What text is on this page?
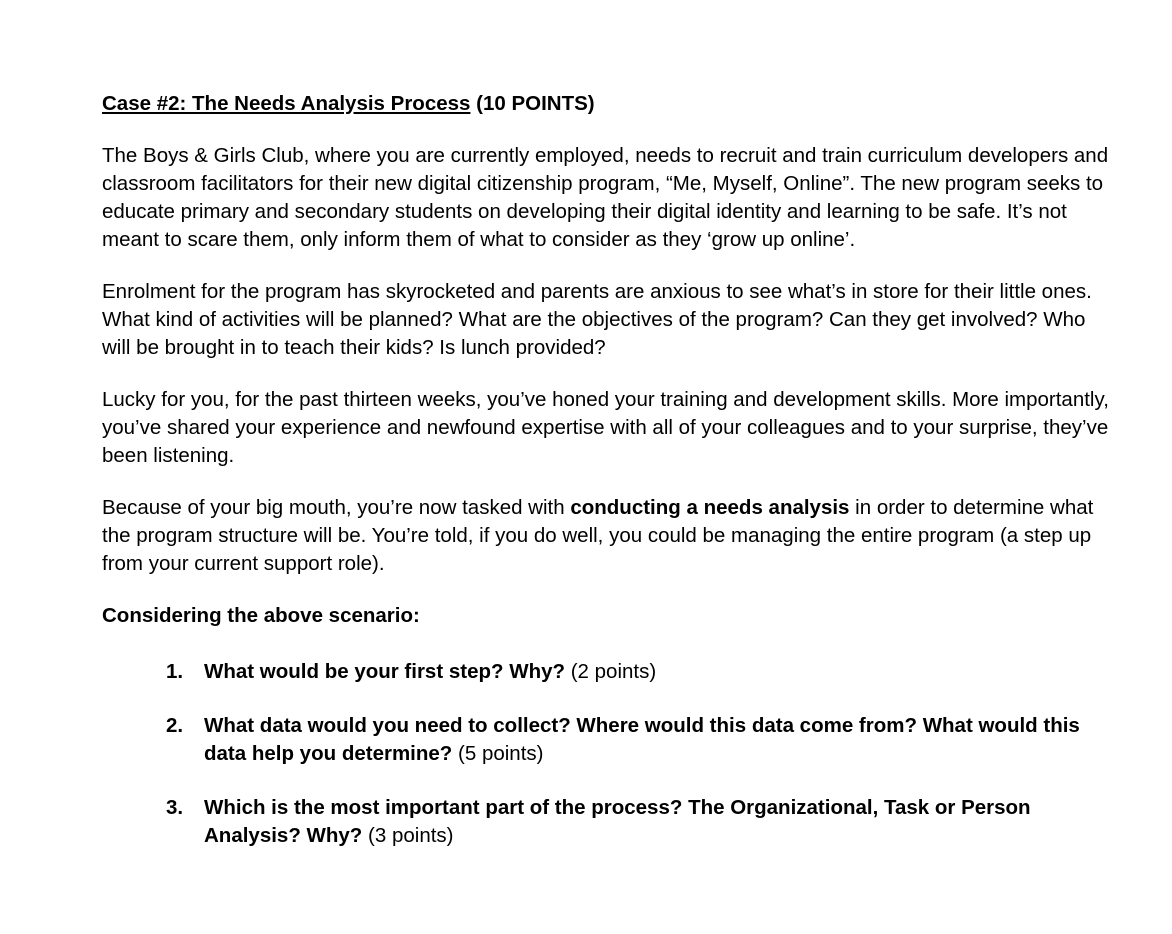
Case #2: The Needs Analysis Process (10 POINTS)

The Boys & Girls Club, where you are currently employed, needs to recruit and train curriculum developers and classroom facilitators for their new digital citizenship program, “Me, Myself, Online”. The new program seeks to educate primary and secondary students on developing their digital identity and learning to be safe. It’s not meant to scare them, only inform them of what to consider as they ‘grow up online’.

Enrolment for the program has skyrocketed and parents are anxious to see what’s in store for their little ones. What kind of activities will be planned? What are the objectives of the program? Can they get involved? Who will be brought in to teach their kids? Is lunch provided?

Lucky for you, for the past thirteen weeks, you’ve honed your training and development skills. More importantly, you’ve shared your experience and newfound expertise with all of your colleagues and to your surprise, they’ve been listening.

Because of your big mouth, you’re now tasked with conducting a needs analysis in order to determine what the program structure will be. You’re told, if you do well, you could be managing the entire program (a step up from your current support role).

Considering the above scenario:
1. What would be your first step? Why? (2 points)
2. What data would you need to collect? Where would this data come from? What would this data help you determine? (5 points)
3. Which is the most important part of the process? The Organizational, Task or Person Analysis? Why? (3 points)
